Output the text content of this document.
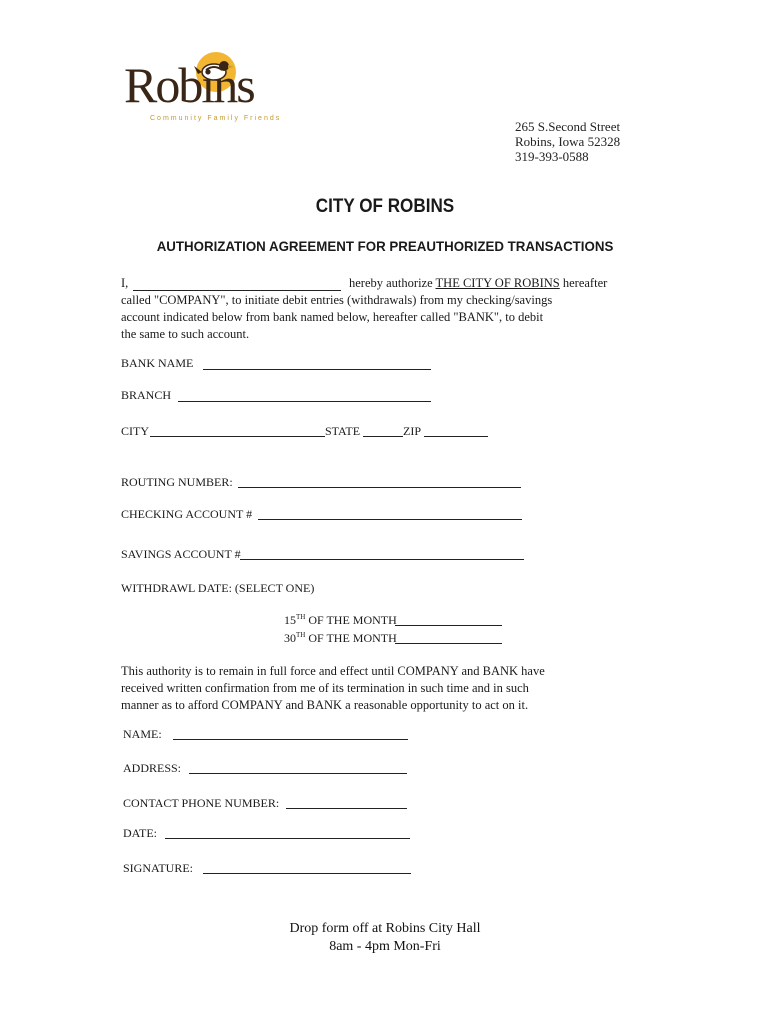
Robins
Community Family Friends
265 S.Second Street
Robins, Iowa 52328
319-393-0588
CITY OF ROBINS
AUTHORIZATION AGREEMENT FOR PREAUTHORIZED TRANSACTIONS
I,	hereby authorize THE CITY OF ROBINS hereafter
called "COMPANY", to initiate debit entries (withdrawals) from my checking/savings
account indicated below from bank named below, hereafter called "BANK", to debit
the same to such account.
BANK NAME
BRANCH
CITY	STATE	ZIP
ROUTING NUMBER:
CHECKING ACCOUNT #
SAVINGS ACCOUNT #
WITHDRAWL DATE: (SELECT ONE)
15TH OF THE MONTH
30TH OF THE MONTH
This authority is to remain in full force and effect until COMPANY and BANK have
received written confirmation from me of its termination in such time and in such
manner as to afford COMPANY and BANK a reasonable opportunity to act on it.
NAME:
ADDRESS:
CONTACT PHONE NUMBER:
DATE:
SIGNATURE:
Drop form off at Robins City Hall
8am - 4pm Mon-Fri
